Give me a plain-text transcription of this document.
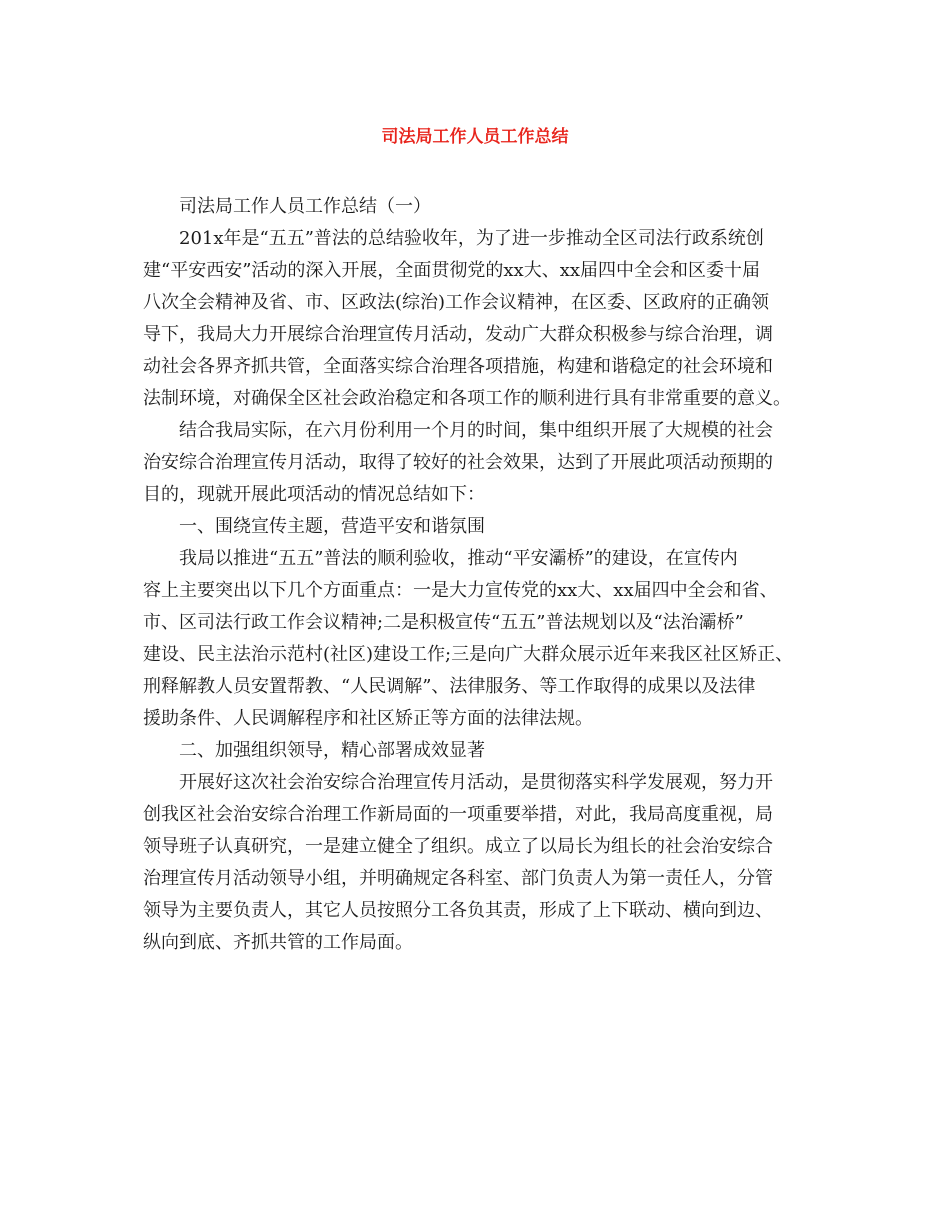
司法局工作人员工作总结
司法局工作人员工作总结（一）
201x年是“五五”普法的总结验收年，为了进一步推动全区司法行政系统创
建“平安西安”活动的深入开展，全面贯彻党的xx大、xx届四中全会和区委十届
八次全会精神及省、市、区政法(综治)工作会议精神，在区委、区政府的正确领
导下，我局大力开展综合治理宣传月活动，发动广大群众积极参与综合治理，调
动社会各界齐抓共管，全面落实综合治理各项措施，构建和谐稳定的社会环境和
法制环境，对确保全区社会政治稳定和各项工作的顺利进行具有非常重要的意义。
结合我局实际，在六月份利用一个月的时间，集中组织开展了大规模的社会
治安综合治理宣传月活动，取得了较好的社会效果，达到了开展此项活动预期的
目的，现就开展此项活动的情况总结如下：
一、围绕宣传主题，营造平安和谐氛围
我局以推进“五五”普法的顺利验收，推动“平安灞桥”的建设，在宣传内
容上主要突出以下几个方面重点：一是大力宣传党的xx大、xx届四中全会和省、
市、区司法行政工作会议精神;二是积极宣传“五五”普法规划以及“法治灞桥”
建设、民主法治示范村(社区)建设工作;三是向广大群众展示近年来我区社区矫正、
刑释解教人员安置帮教、“人民调解”、法律服务、等工作取得的成果以及法律
援助条件、人民调解程序和社区矫正等方面的法律法规。
二、加强组织领导，精心部署成效显著
开展好这次社会治安综合治理宣传月活动，是贯彻落实科学发展观，努力开
创我区社会治安综合治理工作新局面的一项重要举措，对此，我局高度重视，局
领导班子认真研究，一是建立健全了组织。成立了以局长为组长的社会治安综合
治理宣传月活动领导小组，并明确规定各科室、部门负责人为第一责任人，分管
领导为主要负责人，其它人员按照分工各负其责，形成了上下联动、横向到边、
纵向到底、齐抓共管的工作局面。
